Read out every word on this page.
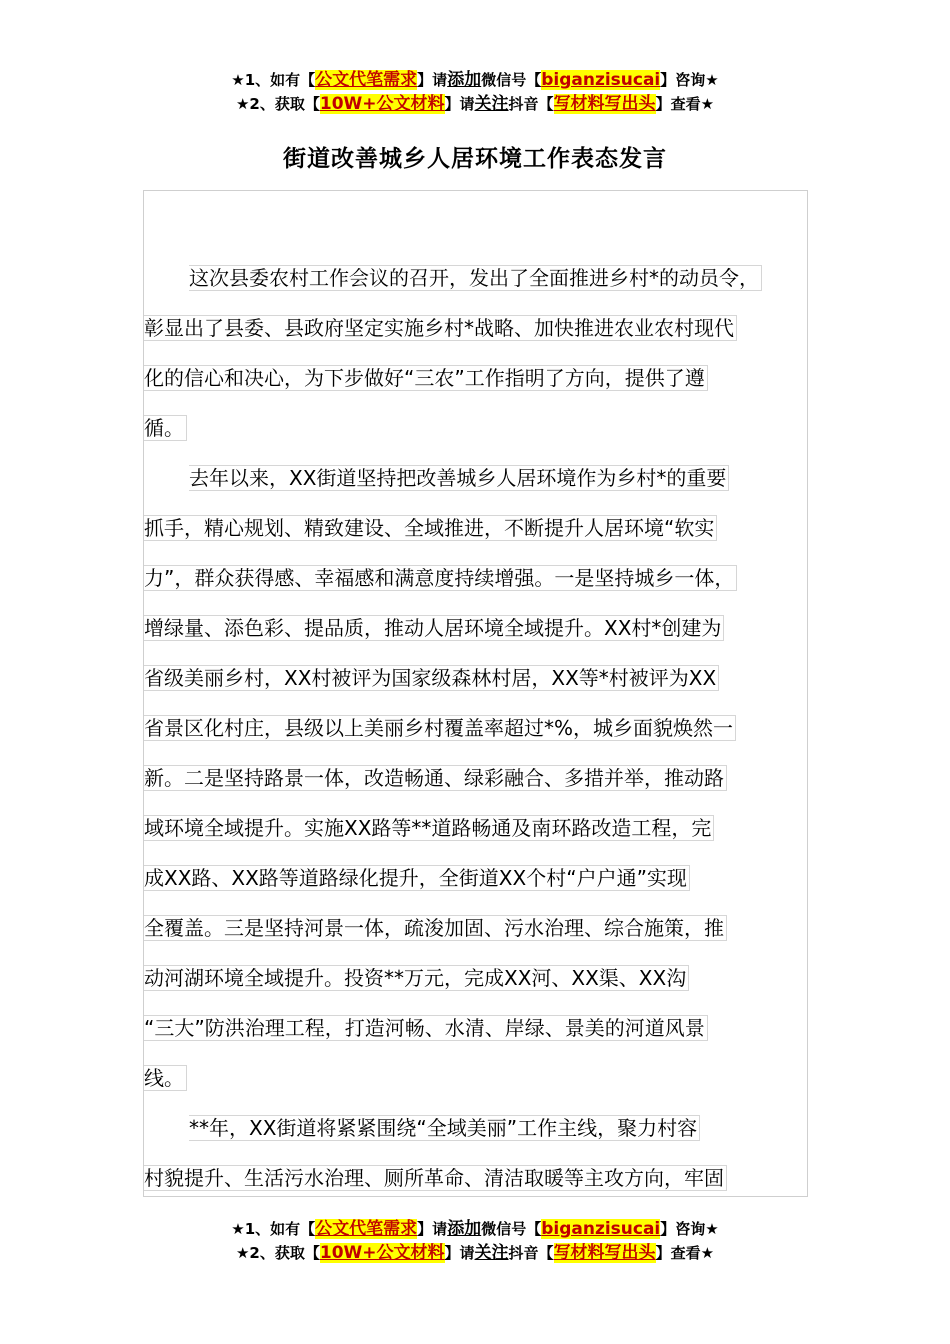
★1、如有【公文代笔需求】请添加微信号【biganzisucai】咨询★
★2、获取【10W+公文材料】请关注抖音【写材料写出头】查看★
街道改善城乡人居环境工作表态发言
这次县委农村工作会议的召开，发出了全面推进乡村*的动员令，
彰显出了县委、县政府坚定实施乡村*战略、加快推进农业农村现代
化的信心和决心，为下步做好“三农”工作指明了方向，提供了遵
循。
去年以来，XX街道坚持把改善城乡人居环境作为乡村*的重要
抓手，精心规划、精致建设、全域推进，不断提升人居环境“软实
力”，群众获得感、幸福感和满意度持续增强。一是坚持城乡一体，
增绿量、添色彩、提品质，推动人居环境全域提升。XX村*创建为
省级美丽乡村，XX村被评为国家级森林村居，XX等*村被评为XX
省景区化村庄，县级以上美丽乡村覆盖率超过*%，城乡面貌焕然一
新。二是坚持路景一体，改造畅通、绿彩融合、多措并举，推动路
域环境全域提升。实施XX路等**道路畅通及南环路改造工程，完
成XX路、XX路等道路绿化提升，全街道XX个村“户户通”实现
全覆盖。三是坚持河景一体，疏浚加固、污水治理、综合施策，推
动河湖环境全域提升。投资**万元，完成XX河、XX渠、XX沟
“三大”防洪治理工程，打造河畅、水清、岸绿、景美的河道风景
线。
**年，XX街道将紧紧围绕“全域美丽”工作主线，聚力村容
村貌提升、生活污水治理、厕所革命、清洁取暖等主攻方向，牢固
★1、如有【公文代笔需求】请添加微信号【biganzisucai】咨询★
★2、获取【10W+公文材料】请关注抖音【写材料写出头】查看★
